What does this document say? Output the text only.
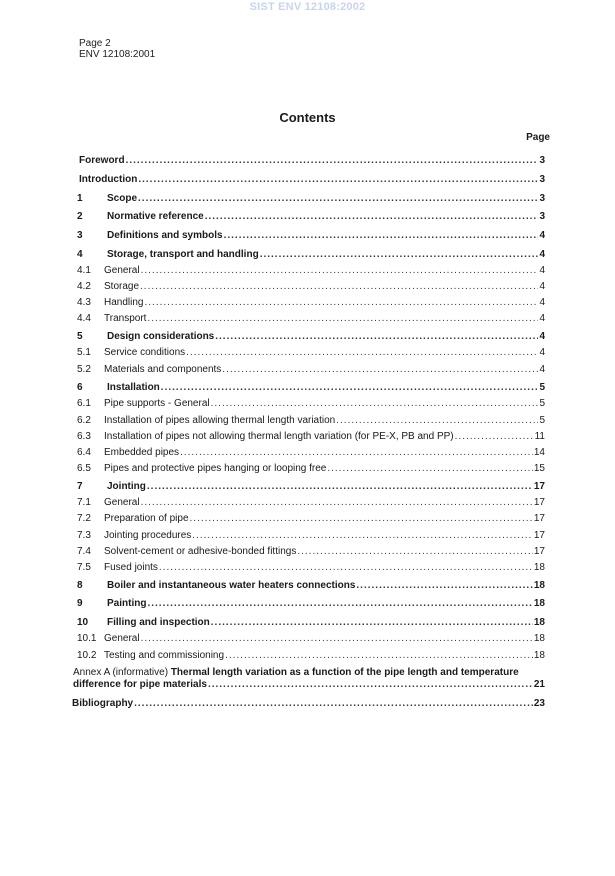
SIST ENV 12108:2002
Page 2
ENV 12108:2001
Contents
Page
Annex A (informative) Thermal length variation as a function of the pipe length and temperature
difference for pipe materials .....	21
Bibliography .....	23
Foreword .....	3
Introduction .....	3
1	Scope .....	3
2	Normative reference .....	3
3	Definitions and symbols .....	4
4	Storage, transport and handling .....	4
4.1	General .....	4
4.2	Storage .....	4
4.3	Handling .....	4
4.4	Transport .....	4
5	Design considerations .....	4
5.1	Service conditions .....	4
5.2	Materials and components .....	4
6	Installation .....	5
6.1	Pipe supports - General .....	5
6.2	Installation of pipes allowing thermal length variation .....	5
6.3	Installation of pipes not allowing thermal length variation (for PE-X, PB and PP) .....	11
6.4	Embedded pipes .....	14
6.5	Pipes and protective pipes hanging or looping free .....	15
7	Jointing .....	17
7.1	General .....	17
7.2	Preparation of pipe .....	17
7.3	Jointing procedures .....	17
7.4	Solvent-cement or adhesive-bonded fittings .....	17
7.5	Fused joints .....	18
8	Boiler and instantaneous water heaters connections .....	18
9	Painting .....	18
10	Filling and inspection .....	18
10.1 General .....	18
10.2 Testing and commissioning .....	18
